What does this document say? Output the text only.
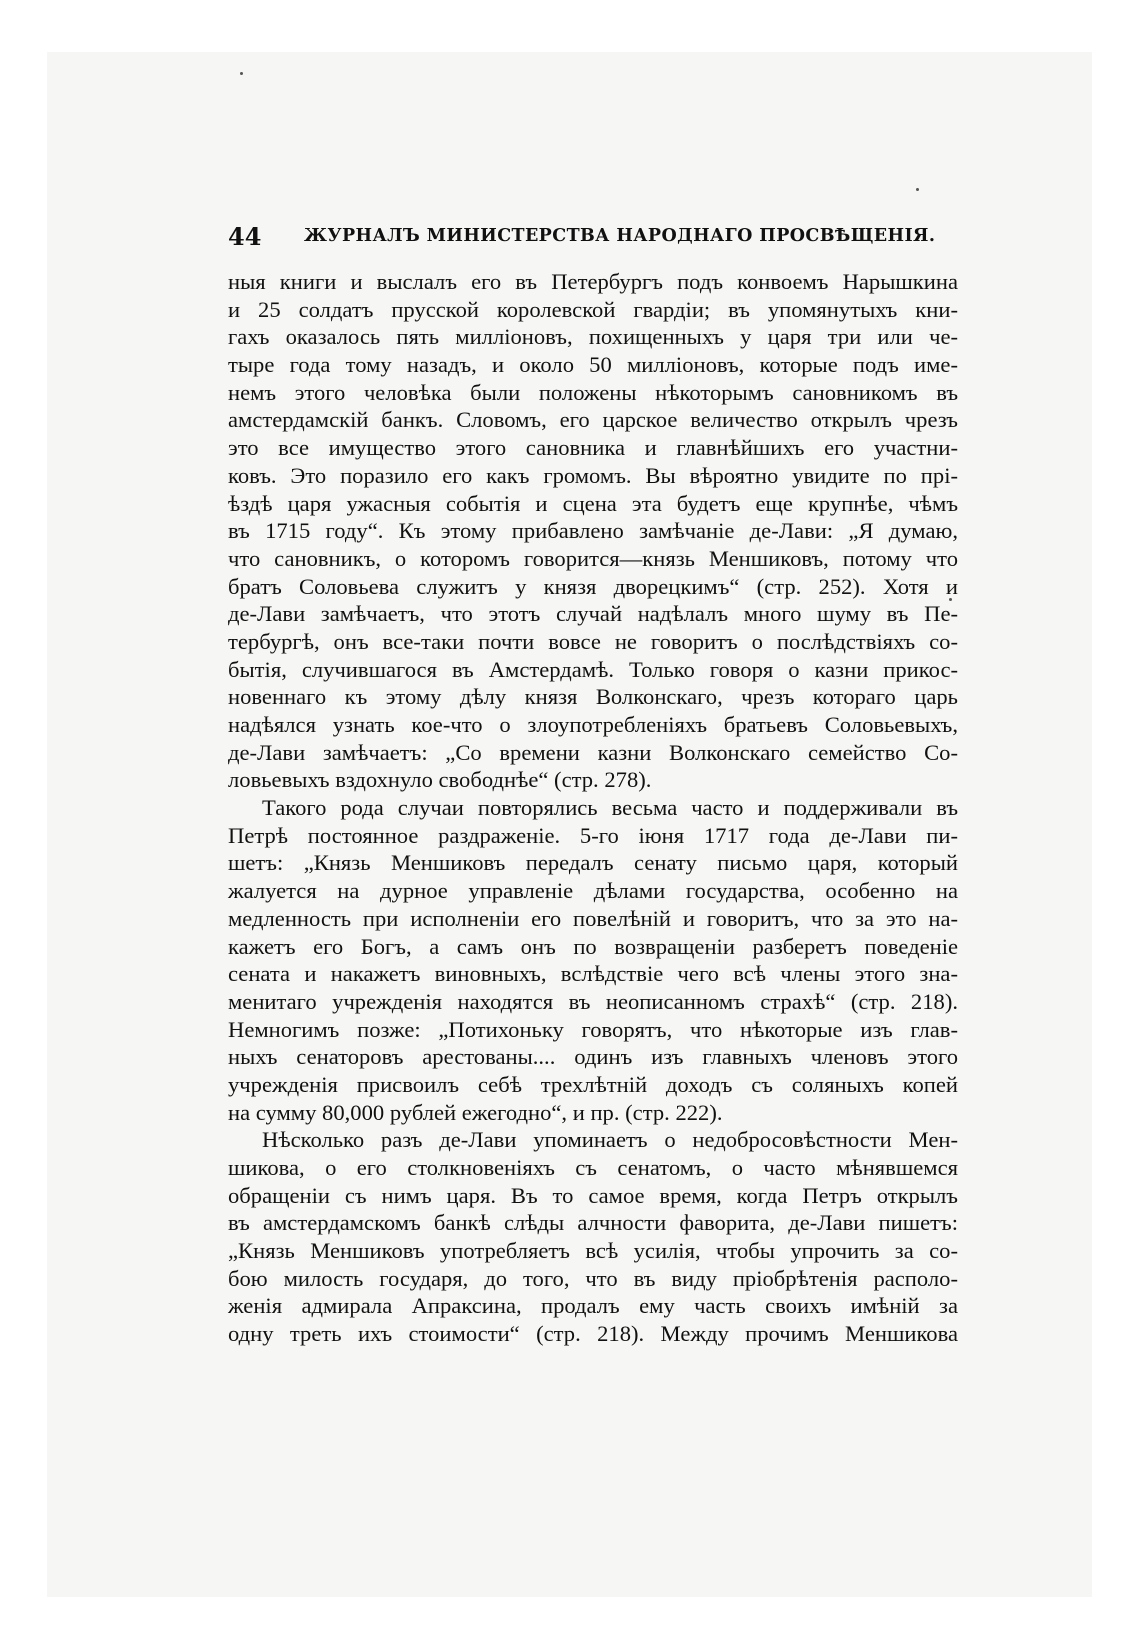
44 ЖУРНАЛЪ МИНИСТЕРСТВА НАРОДНАГО ПРОСВѢЩЕНІЯ.
ныя книги и выслалъ его въ Петербургъ подъ конвоемъ Нарышкина
и 25 солдатъ прусской королевской гвардіи; въ упомянутыхъ кни-
гахъ оказалось пять милліоновъ, похищенныхъ у царя три или че-
тыре года тому назадъ, и около 50 милліоновъ, которые подъ име-
немъ этого человѣка были положены нѣкоторымъ сановникомъ въ
амстердамскій банкъ. Словомъ, его царское величество открылъ чрезъ
это все имущество этого сановника и главнѣйшихъ его участни-
ковъ. Это поразило его какъ громомъ. Вы вѣроятно увидите по прі-
ѣздѣ царя ужасныя событія и сцена эта будетъ еще крупнѣе, чѣмъ
въ 1715 году“. Къ этому прибавлено замѣчаніе де-Лави: „Я думаю,
что сановникъ, о которомъ говорится—князь Меншиковъ, потому что
братъ Соловьева служитъ у князя дворецкимъ“ (стр. 252). Хотя и
де-Лави замѣчаетъ, что этотъ случай надѣлалъ много шуму въ Пе-
тербургѣ, онъ все-таки почти вовсе не говоритъ о послѣдствіяхъ со-
бытія, случившагося въ Амстердамѣ. Только говоря о казни прикос-
новеннаго къ этому дѣлу князя Волконскаго, чрезъ котораго царь
надѣялся узнать кое-что о злоупотребленіяхъ братьевъ Соловьевыхъ,
де-Лави замѣчаетъ: „Со времени казни Волконскаго семейство Со-
ловьевыхъ вздохнуло свободнѣе“ (стр. 278).
Такого рода случаи повторялись весьма часто и поддерживали въ
Петрѣ постоянное раздраженіе. 5-го іюня 1717 года де-Лави пи-
шетъ: „Князь Меншиковъ передалъ сенату письмо царя, который
жалуется на дурное управленіе дѣлами государства, особенно на
медленность при исполненіи его повелѣній и говоритъ, что за это на-
кажетъ его Богъ, а самъ онъ по возвращеніи разберетъ поведеніе
сената и накажетъ виновныхъ, вслѣдствіе чего всѣ члены этого зна-
менитаго учрежденія находятся въ неописанномъ страхѣ“ (стр. 218).
Немногимъ позже: „Потихоньку говорятъ, что нѣкоторые изъ глав-
ныхъ сенаторовъ арестованы.... одинъ изъ главныхъ членовъ этого
учрежденія присвоилъ себѣ трехлѣтній доходъ съ соляныхъ копей
на сумму 80,000 рублей ежегодно“, и пр. (стр. 222).
Нѣсколько разъ де-Лави упоминаетъ о недобросовѣстности Мен-
шикова, о его столкновеніяхъ съ сенатомъ, о часто мѣнявшемся
обращеніи съ нимъ царя. Въ то самое время, когда Петръ открылъ
въ амстердамскомъ банкѣ слѣды алчности фаворита, де-Лави пишетъ:
„Князь Меншиковъ употребляетъ всѣ усилія, чтобы упрочить за со-
бою милость государя, до того, что въ виду пріобрѣтенія располо-
женія адмирала Апраксина, продалъ ему часть своихъ имѣній за
одну треть ихъ стоимости“ (стр. 218). Между прочимъ Меншикова
